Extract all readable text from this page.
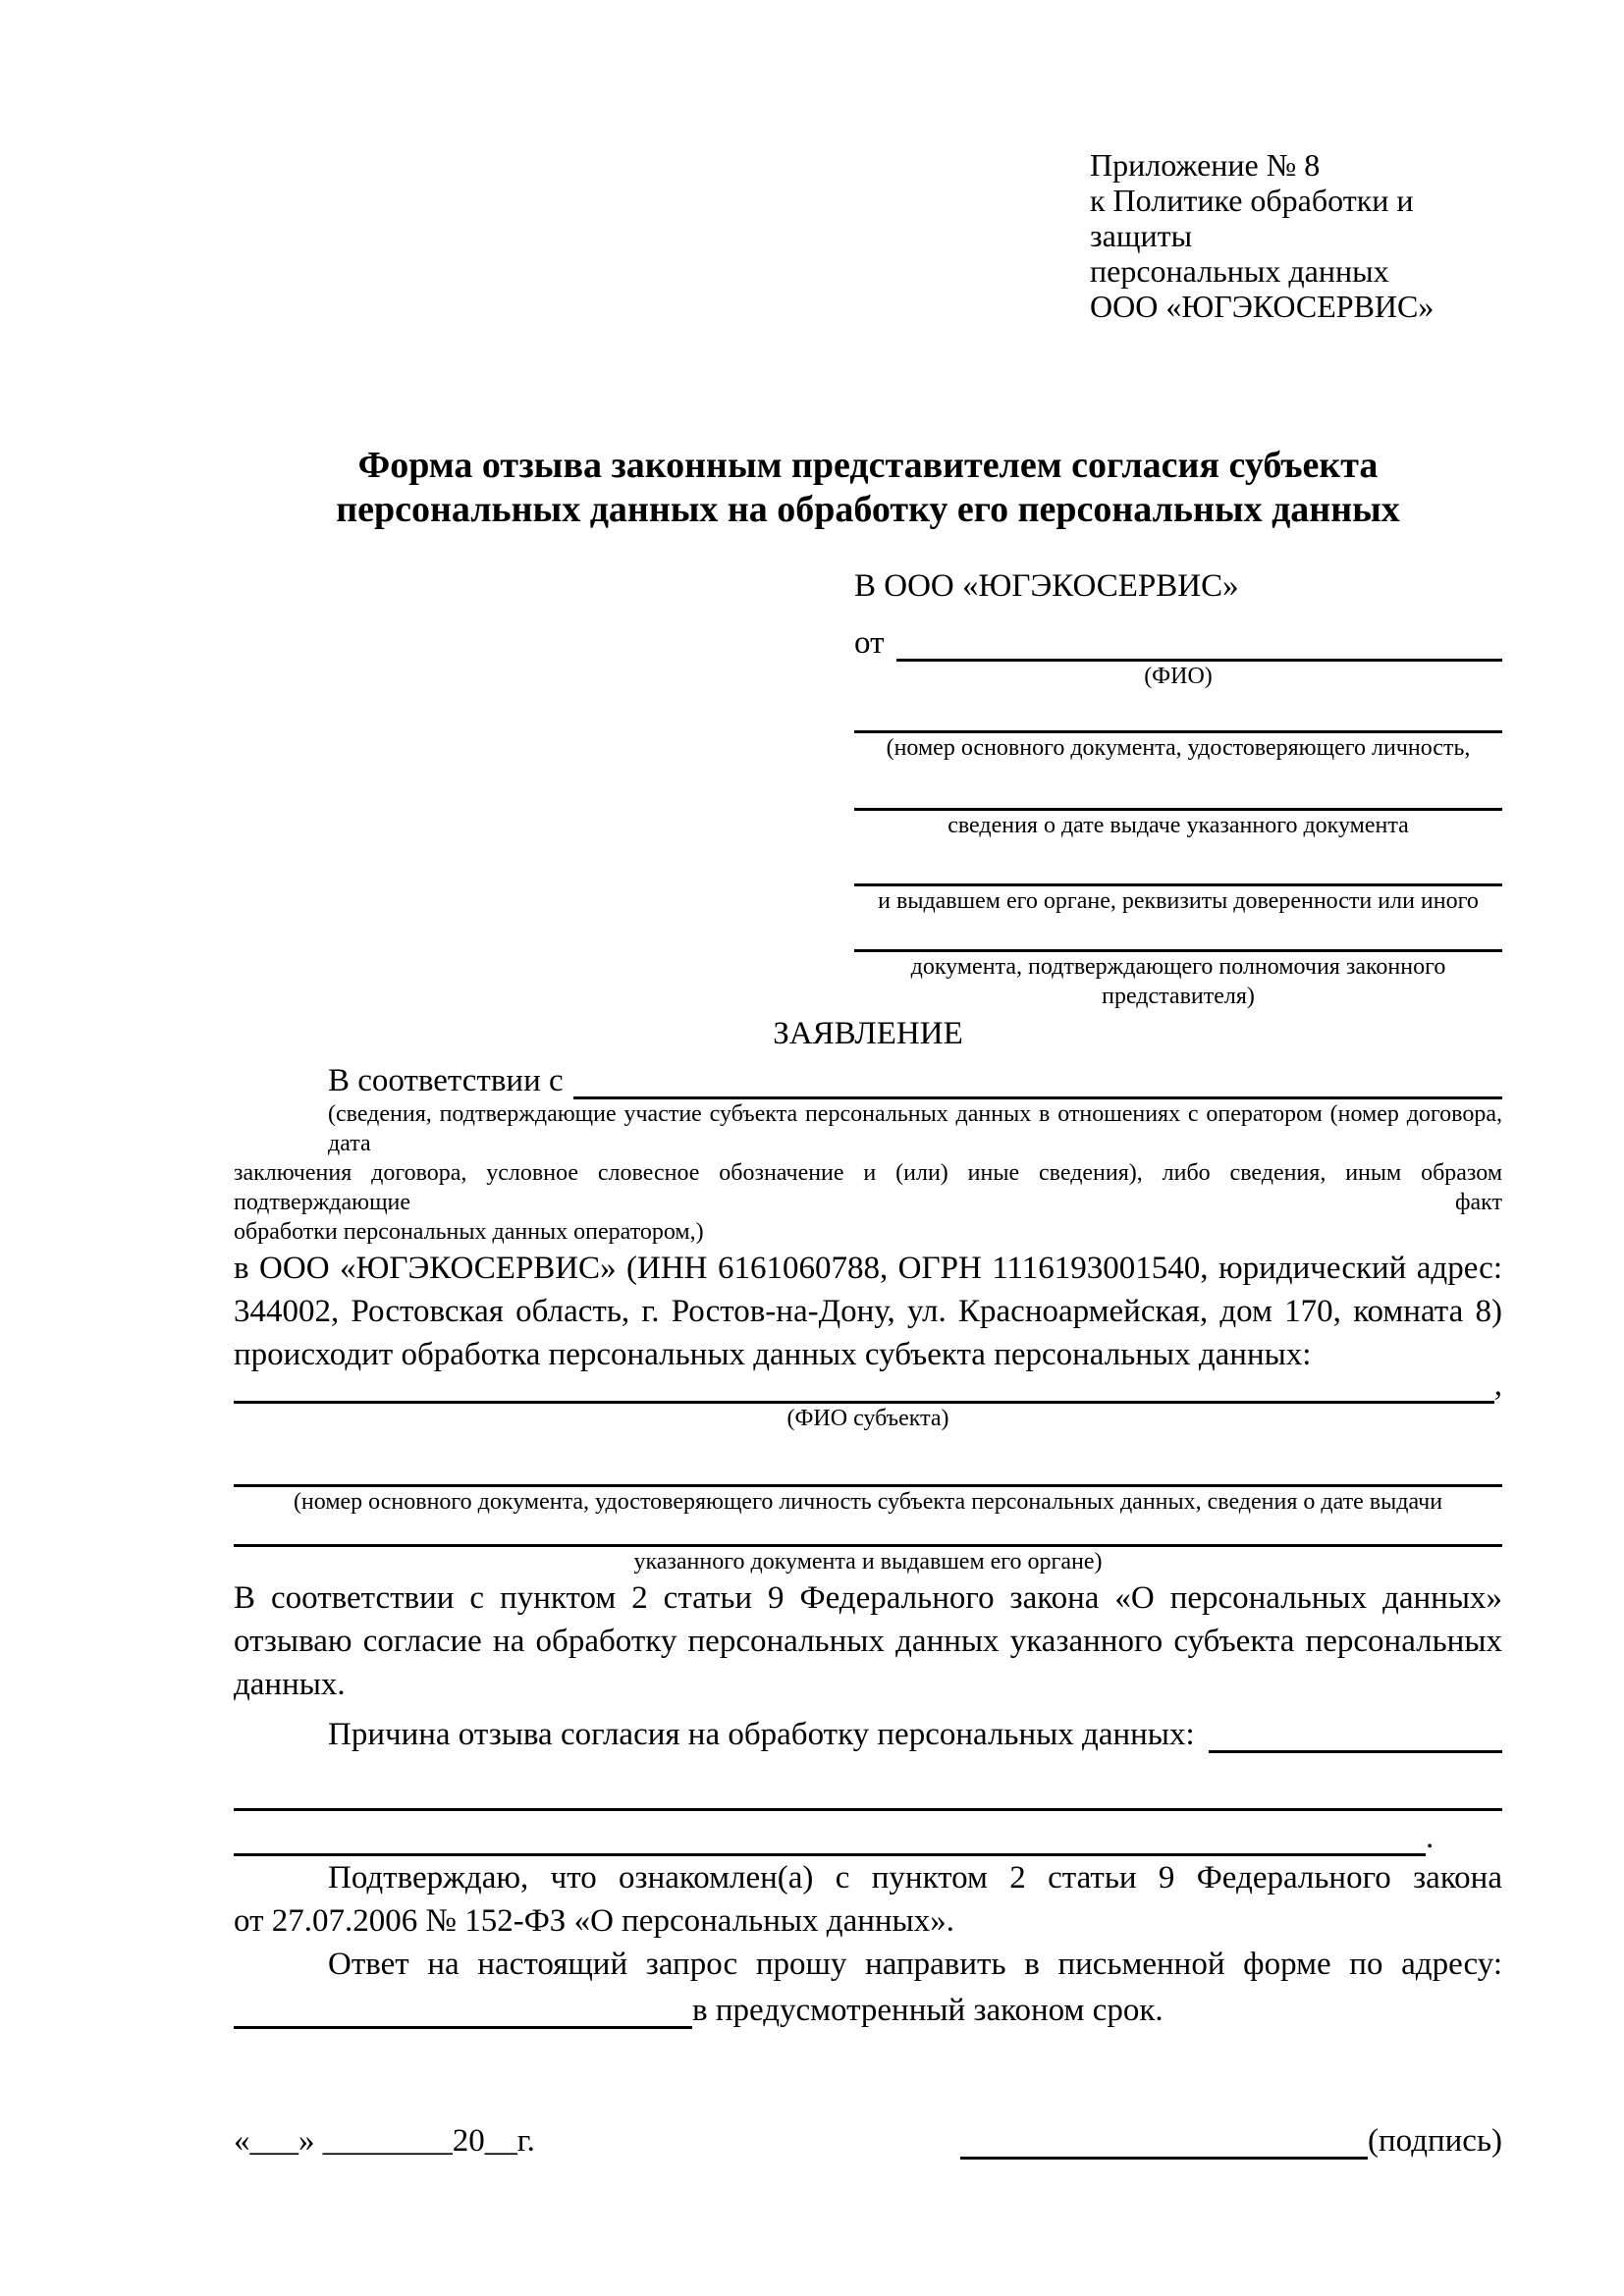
Приложение № 8
к Политике обработки и защиты
персональных данных
ООО «ЮГЭКОСЕРВИС»
Форма отзыва законным представителем согласия субъекта
персональных данных на обработку его персональных данных
В ООО «ЮГЭКОСЕРВИС»
от
(ФИО)
(номер основного документа, удостоверяющего личность,
сведения о дате выдаче указанного документа
и выдавшем его органе, реквизиты доверенности или иного
документа, подтверждающего полномочия законного представителя)
ЗАЯВЛЕНИЕ
В соответствии с
(сведения, подтверждающие участие субъекта персональных данных в отношениях с оператором (номер договора, дата
заключения договора, условное словесное обозначение и (или) иные сведения), либо сведения, иным образом подтверждающие факт
обработки персональных данных оператором,)
в ООО «ЮГЭКОСЕРВИС» (ИНН 6161060788, ОГРН 1116193001540, юридический адрес:
344002, Ростовская область, г. Ростов-на-Дону, ул. Красноармейская, дом 170, комната 8)
происходит обработка персональных данных субъекта персональных данных:
,
(ФИО субъекта)
(номер основного документа, удостоверяющего личность субъекта персональных данных, сведения о дате выдачи
указанного документа и выдавшем его органе)
В соответствии с пунктом 2 статьи 9 Федерального закона «О персональных данных»
отзываю согласие на обработку персональных данных указанного субъекта персональных
данных.
Причина отзыва согласия на обработку персональных данных:
.
Подтверждаю, что ознакомлен(а) с пунктом 2 статьи 9 Федерального закона
от 27.07.2006 № 152-ФЗ «О персональных данных».
Ответ на настоящий запрос прошу направить в письменной форме по адресу:
в предусмотренный законом срок.
«___» ________20__г.	(подпись)
